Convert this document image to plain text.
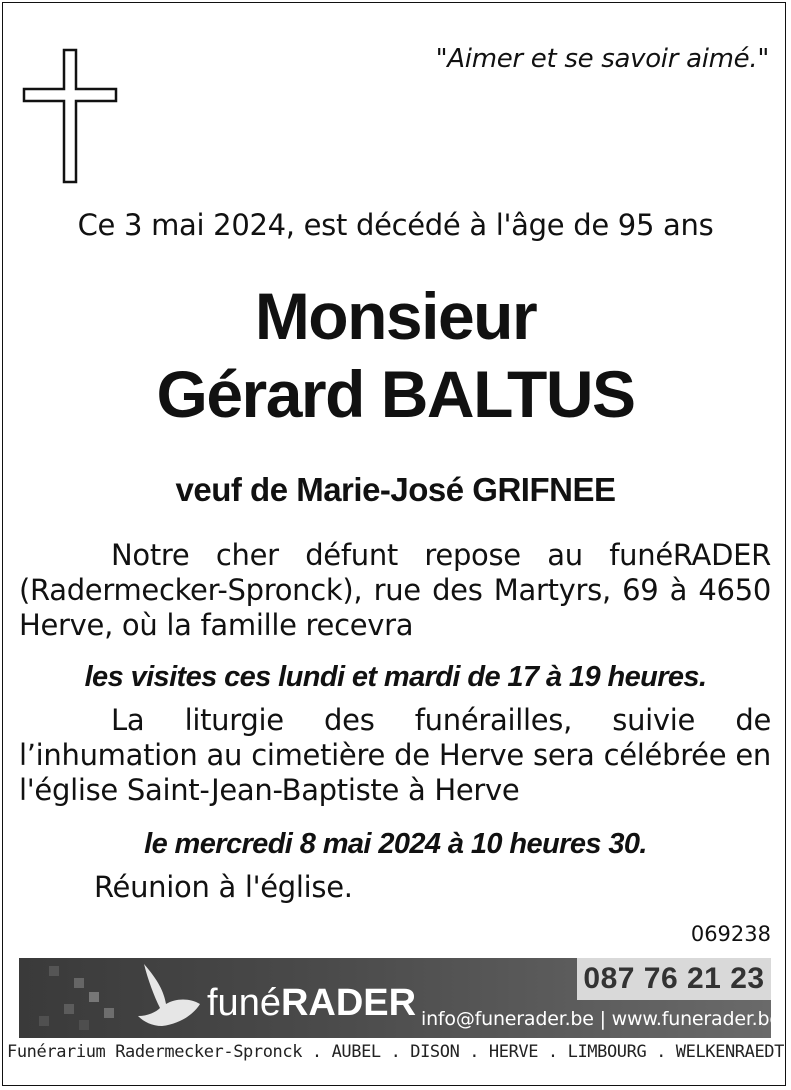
"Aimer et se savoir aimé."
Ce 3 mai 2024, est décédé à l'âge de 95 ans
Monsieur
Gérard BALTUS
veuf de Marie-José GRIFNEE
Notre cher défunt repose au funéRADER (Radermecker-Spronck), rue des Martyrs, 69 à 4650 Herve, où la famille recevra
les visites ces lundi et mardi de 17 à 19 heures.
La liturgie des funérailles, suivie de l’inhumation au cimetière de Herve sera célébrée en l'église Saint-Jean-Baptiste à Herve
le mercredi 8 mai 2024 à 10 heures 30.
Réunion à l'église.
069238
funéRADER
087 76 21 23
info@funerader.be | www.funerader.be
Funérarium Radermecker-Spronck . AUBEL . DISON . HERVE . LIMBOURG . WELKENRAEDT
